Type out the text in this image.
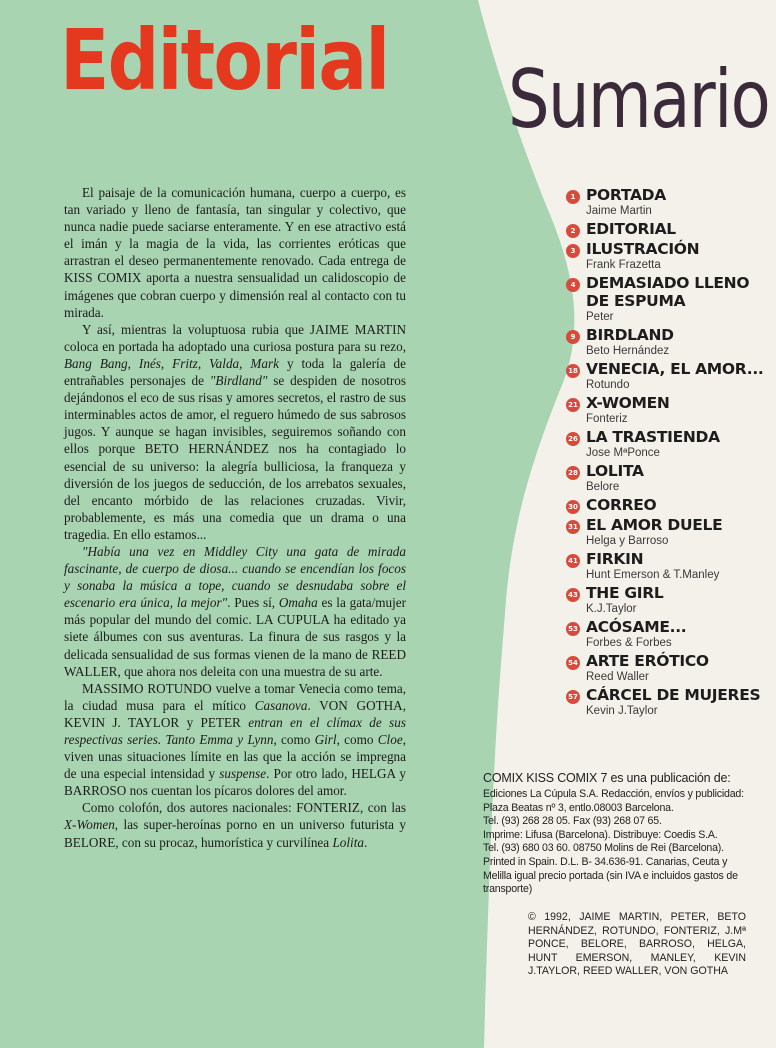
Editorial Sumario

El paisaje de la comunicación humana, cuerpo a cuerpo, es tan variado y lleno de fantasía, tan singular y colectivo, que nunca nadie puede saciarse enteramente. Y en ese atractivo está el imán y la magia de la vida, las corrientes eróticas que arrastran el deseo permanentemente renovado. Cada entrega de KISS COMIX aporta a nuestra sensualidad un calidoscopio de imágenes que cobran cuerpo y dimensión real al contacto con tu mirada.

Y así, mientras la voluptuosa rubia que JAIME MARTIN coloca en portada ha adoptado una curiosa postura para su rezo, Bang Bang, Inés, Fritz, Valda, Mark y toda la galería de entrañables personajes de "Birdland" se despiden de nosotros dejándonos el eco de sus risas y amores secretos, el rastro de sus interminables actos de amor, el reguero húmedo de sus sabrosos jugos. Y aunque se hagan invisibles, seguiremos soñando con ellos porque BETO HERNÁNDEZ nos ha contagiado lo esencial de su universo: la alegría bulliciosa, la franqueza y diversión de los juegos de seducción, de los arrebatos sexuales, del encanto mórbido de las relaciones cruzadas. Vivir, probablemente, es más una comedia que un drama o una tragedia. En ello estamos...

"Había una vez en Middley City una gata de mirada fascinante, de cuerpo de diosa... cuando se encendían los focos y sonaba la música a tope, cuando se desnudaba sobre el escenario era única, la mejor". Pues sí, Omaha es la gata/mujer más popular del mundo del comic. LA CUPULA ha editado ya siete álbumes con sus aventuras. La finura de sus rasgos y la delicada sensualidad de sus formas vienen de la mano de REED WALLER, que ahora nos deleita con una muestra de su arte.

MASSIMO ROTUNDO vuelve a tomar Venecia como tema, la ciudad musa para el mítico Casanova. VON GOTHA, KEVIN J. TAYLOR y PETER entran en el clímax de sus respectivas series. Tanto Emma y Lynn, como Girl, como Cloe, viven unas situaciones límite en las que la acción se impregna de una especial intensidad y suspense. Por otro lado, HELGA y BARROSO nos cuentan los pícaros dolores del amor.

Como colofón, dos autores nacionales: FONTERIZ, con las X-Women, las super-heroínas porno en un universo futurista y BELORE, con su procaz, humorística y curvilínea Lolita.

1 PORTADA
Jaime Martin
2 EDITORIAL
3 ILUSTRACIÓN
Frank Frazetta
4 DEMASIADO LLENO DE ESPUMA
Peter
9 BIRDLAND
Beto Hernández
18 VENECIA, EL AMOR...
Rotundo
21 X-WOMEN
Fonteriz
26 LA TRASTIENDA
Jose MªPonce
28 LOLITA
Belore
30 CORREO
31 EL AMOR DUELE
Helga y Barroso
41 FIRKIN
Hunt Emerson & T.Manley
43 THE GIRL
K.J.Taylor
53 ACÓSAME...
Forbes & Forbes
54 ARTE ERÓTICO
Reed Waller
57 CÁRCEL DE MUJERES
Kevin J.Taylor

COMIX KISS COMIX 7 es una publicación de:

Ediciones La Cúpula S.A. Redacción, envíos y publicidad:

Plaza Beatas nº 3, entlo.08003 Barcelona.

Tel. (93) 268 28 05. Fax (93) 268 07 65.

Imprime: Lifusa (Barcelona). Distribuye: Coedis S.A.

Tel. (93) 680 03 60. 08750 Molins de Rei (Barcelona).

Printed in Spain. D.L. B- 34.636-91. Canarias, Ceuta y

Melilla igual precio portada (sin IVA e incluidos gastos de

transporte)

© 1992, JAIME MARTIN, PETER, BETO HERNÁNDEZ, ROTUNDO, FONTERIZ, J.Mª PONCE, BELORE, BARROSO, HELGA, HUNT EMERSON, MANLEY, KEVIN J.TAYLOR, REED WALLER, VON GOTHA
